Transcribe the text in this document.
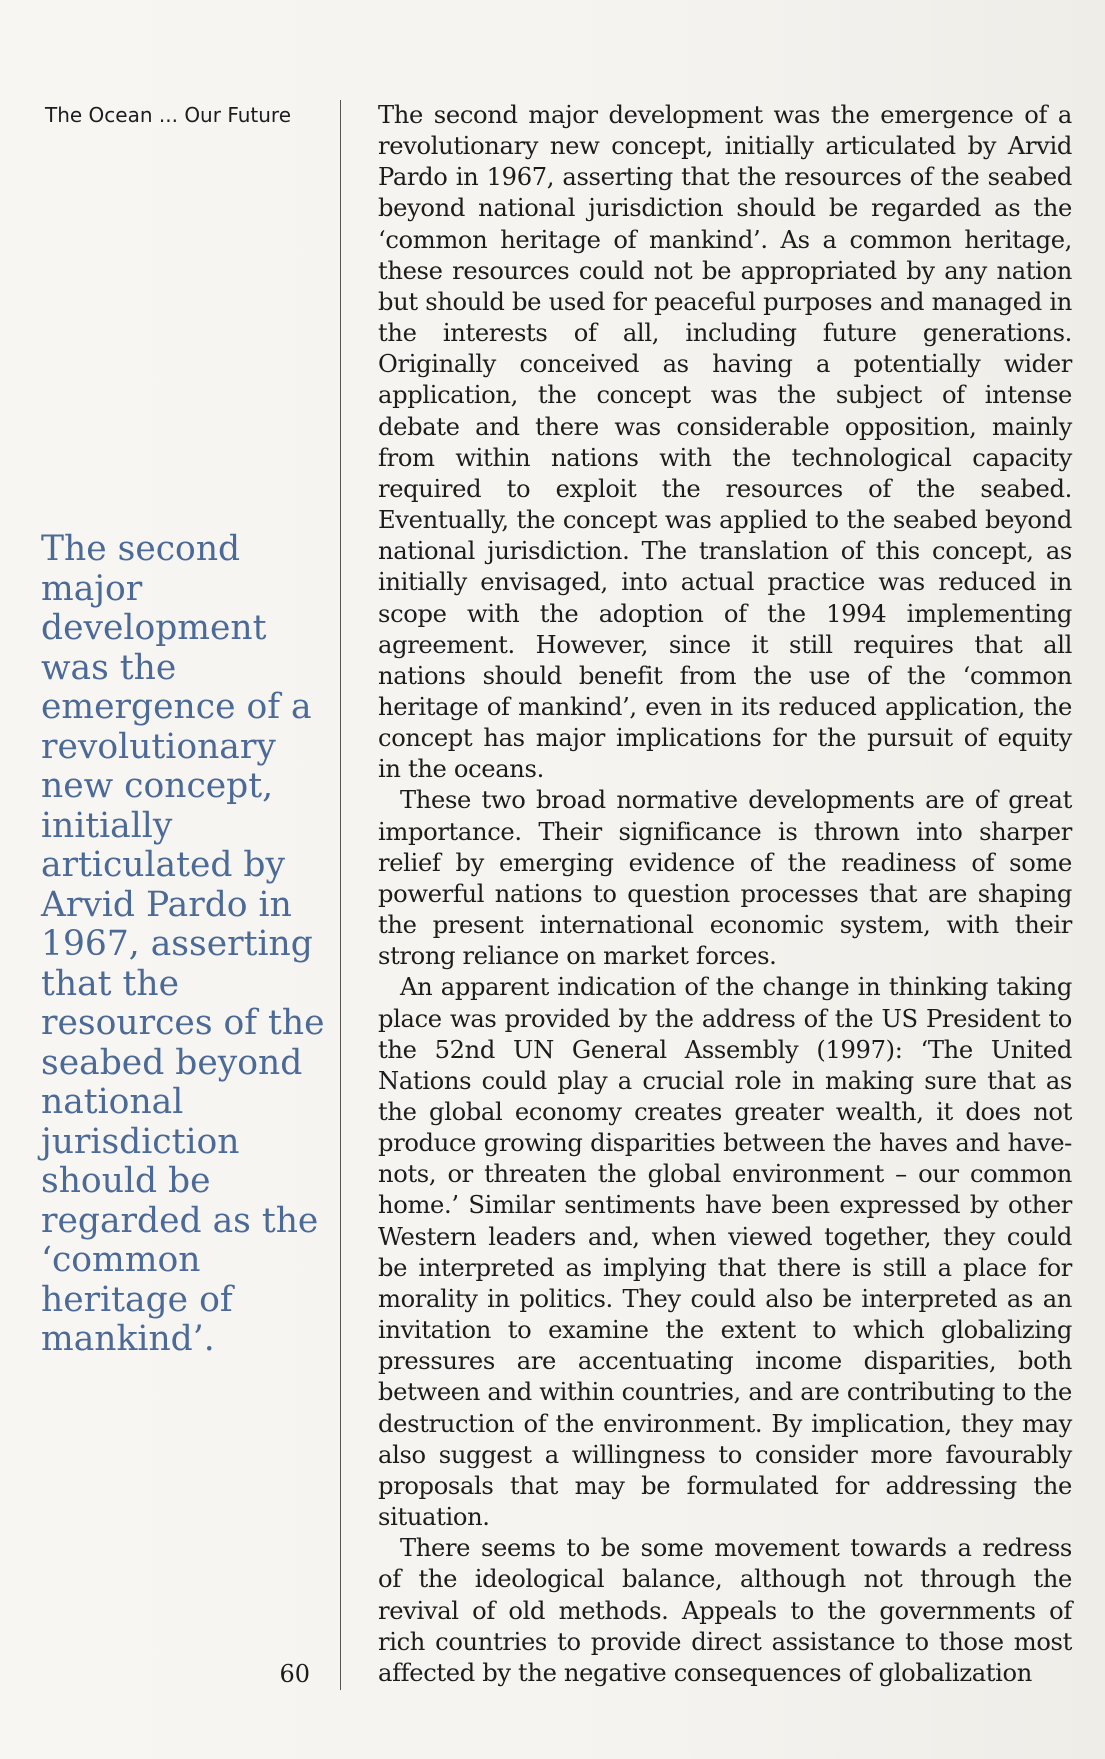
The Ocean ... Our Future

The second major development was the emergence of a revolutionary new concept, initially articulated by Arvid Pardo in 1967, asserting that the resources of the seabed beyond national jurisdiction should be regarded as the ‘common heritage of mankind’.

The second major development was the emergence of a revolutionary new concept, initially articulated by Arvid Pardo in 1967, asserting that the resources of the seabed beyond national jurisdiction should be regarded as the ‘common heritage of mankind’. As a common heritage, these resources could not be appropriated by any nation but should be used for peaceful purposes and managed in the interests of all, including future generations. Originally conceived as having a potentially wider application, the concept was the subject of intense debate and there was considerable opposition, mainly from within nations with the technological capacity required to exploit the resources of the seabed. Eventually, the concept was applied to the seabed beyond national jurisdiction. The translation of this concept, as initially envisaged, into actual practice was reduced in scope with the adoption of the 1994 implementing agreement. However, since it still requires that all nations should benefit from the use of the ‘common heritage of mankind’, even in its reduced application, the concept has major implications for the pursuit of equity in the oceans.

These two broad normative developments are of great importance. Their significance is thrown into sharper relief by emerging evidence of the readiness of some powerful nations to question processes that are shaping the present international economic system, with their strong reliance on market forces.

An apparent indication of the change in thinking taking place was provided by the address of the US President to the 52nd UN General Assembly (1997): ‘The United Nations could play a crucial role in making sure that as the global economy creates greater wealth, it does not produce growing disparities between the haves and have-nots, or threaten the global environment – our common home.’ Similar sentiments have been expressed by other Western leaders and, when viewed together, they could be interpreted as implying that there is still a place for morality in politics. They could also be interpreted as an invitation to examine the extent to which globalizing pressures are accentuating income disparities, both between and within countries, and are contributing to the destruction of the environment. By implication, they may also suggest a willingness to consider more favourably proposals that may be formulated for addressing the situation.

There seems to be some movement towards a redress of the ideological balance, although not through the revival of old methods. Appeals to the governments of rich countries to provide direct assistance to those most affected by the negative consequences of globalization

60
